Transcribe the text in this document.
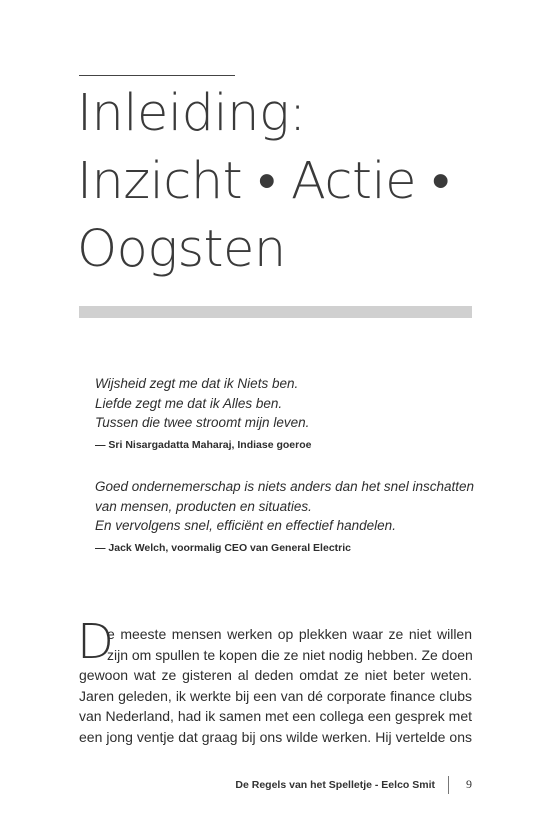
Inleiding:
Inzicht • Actie •
Oogsten
Wijsheid zegt me dat ik Niets ben.
Liefde zegt me dat ik Alles ben.
Tussen die twee stroomt mijn leven.
— Sri Nisargadatta Maharaj, Indiase goeroe
Goed ondernemerschap is niets anders dan het snel inschatten
van mensen, producten en situaties.
En vervolgens snel, efficiënt en effectief handelen.
— Jack Welch, voormalig CEO van General Electric
D
e meeste mensen werken op plekken waar ze niet willen
zijn om spullen te kopen die ze niet nodig hebben. Ze doen
gewoon wat ze gisteren al deden omdat ze niet beter weten.
Jaren geleden, ik werkte bij een van dé corporate finance clubs
van Nederland, had ik samen met een collega een gesprek met
een jong ventje dat graag bij ons wilde werken. Hij vertelde ons
De Regels van het Spelletje - Eelco Smit	9
